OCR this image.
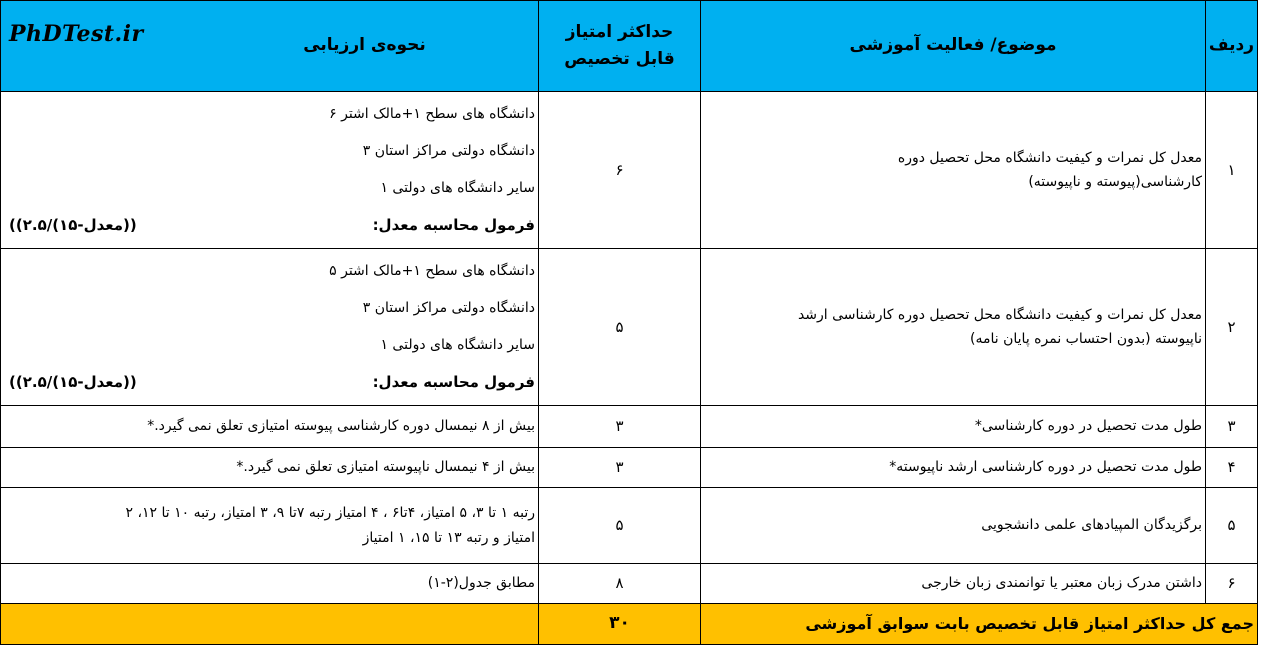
ردیف	موضوع/ فعالیت آموزشی	حداکثر امتیاز
قابل تخصیص	نحوه‌ی ارزیابی
PhDTest.ir

۱	معدل کل نمرات و کیفیت دانشگاه محل تحصیل دوره
کارشناسی(پیوسته و ناپیوسته)	۶	دانشگاه های سطح ۱+مالک اشتر ۶
دانشگاه دولتی مراکز استان ۳
سایر دانشگاه های دولتی ۱
فرمول محاسبه معدل:
((۲.۵/(۱۵-معدل))

۲	معدل کل نمرات و کیفیت دانشگاه محل تحصیل دوره کارشناسی ارشد
ناپیوسته (بدون احتساب نمره پایان نامه)	۵	دانشگاه های سطح ۱+مالک اشتر ۵
دانشگاه دولتی مراکز استان ۳
سایر دانشگاه های دولتی ۱
فرمول محاسبه معدل:
((۲.۵/(۱۵-معدل))

۳	طول مدت تحصیل در دوره کارشناسی*	۳	بیش از ۸ نیمسال دوره کارشناسی پیوسته امتیازی تعلق نمی گیرد.*
۴	طول مدت تحصیل در دوره کارشناسی ارشد ناپیوسته*	۳	بیش از ۴ نیمسال ناپیوسته امتیازی تعلق نمی گیرد.*
۵	برگزیدگان المپیادهای علمی دانشجویی	۵	رتبه ۱ تا ۳، ۵ امتیاز، ۴تا۶ ، ۴ امتیاز رتبه ۷تا ۹، ۳ امتیاز، رتبه ۱۰ تا ۱۲، ۲
امتیاز و رتبه ۱۳ تا ۱۵، ۱ امتیاز

۶	داشتن مدرک زبان معتبر یا توانمندی زبان خارجی	۸	مطابق جدول(۲-۱)
جمع کل حداکثر امتیاز قابل تخصیص بابت سوابق آموزشی		۳۰	
